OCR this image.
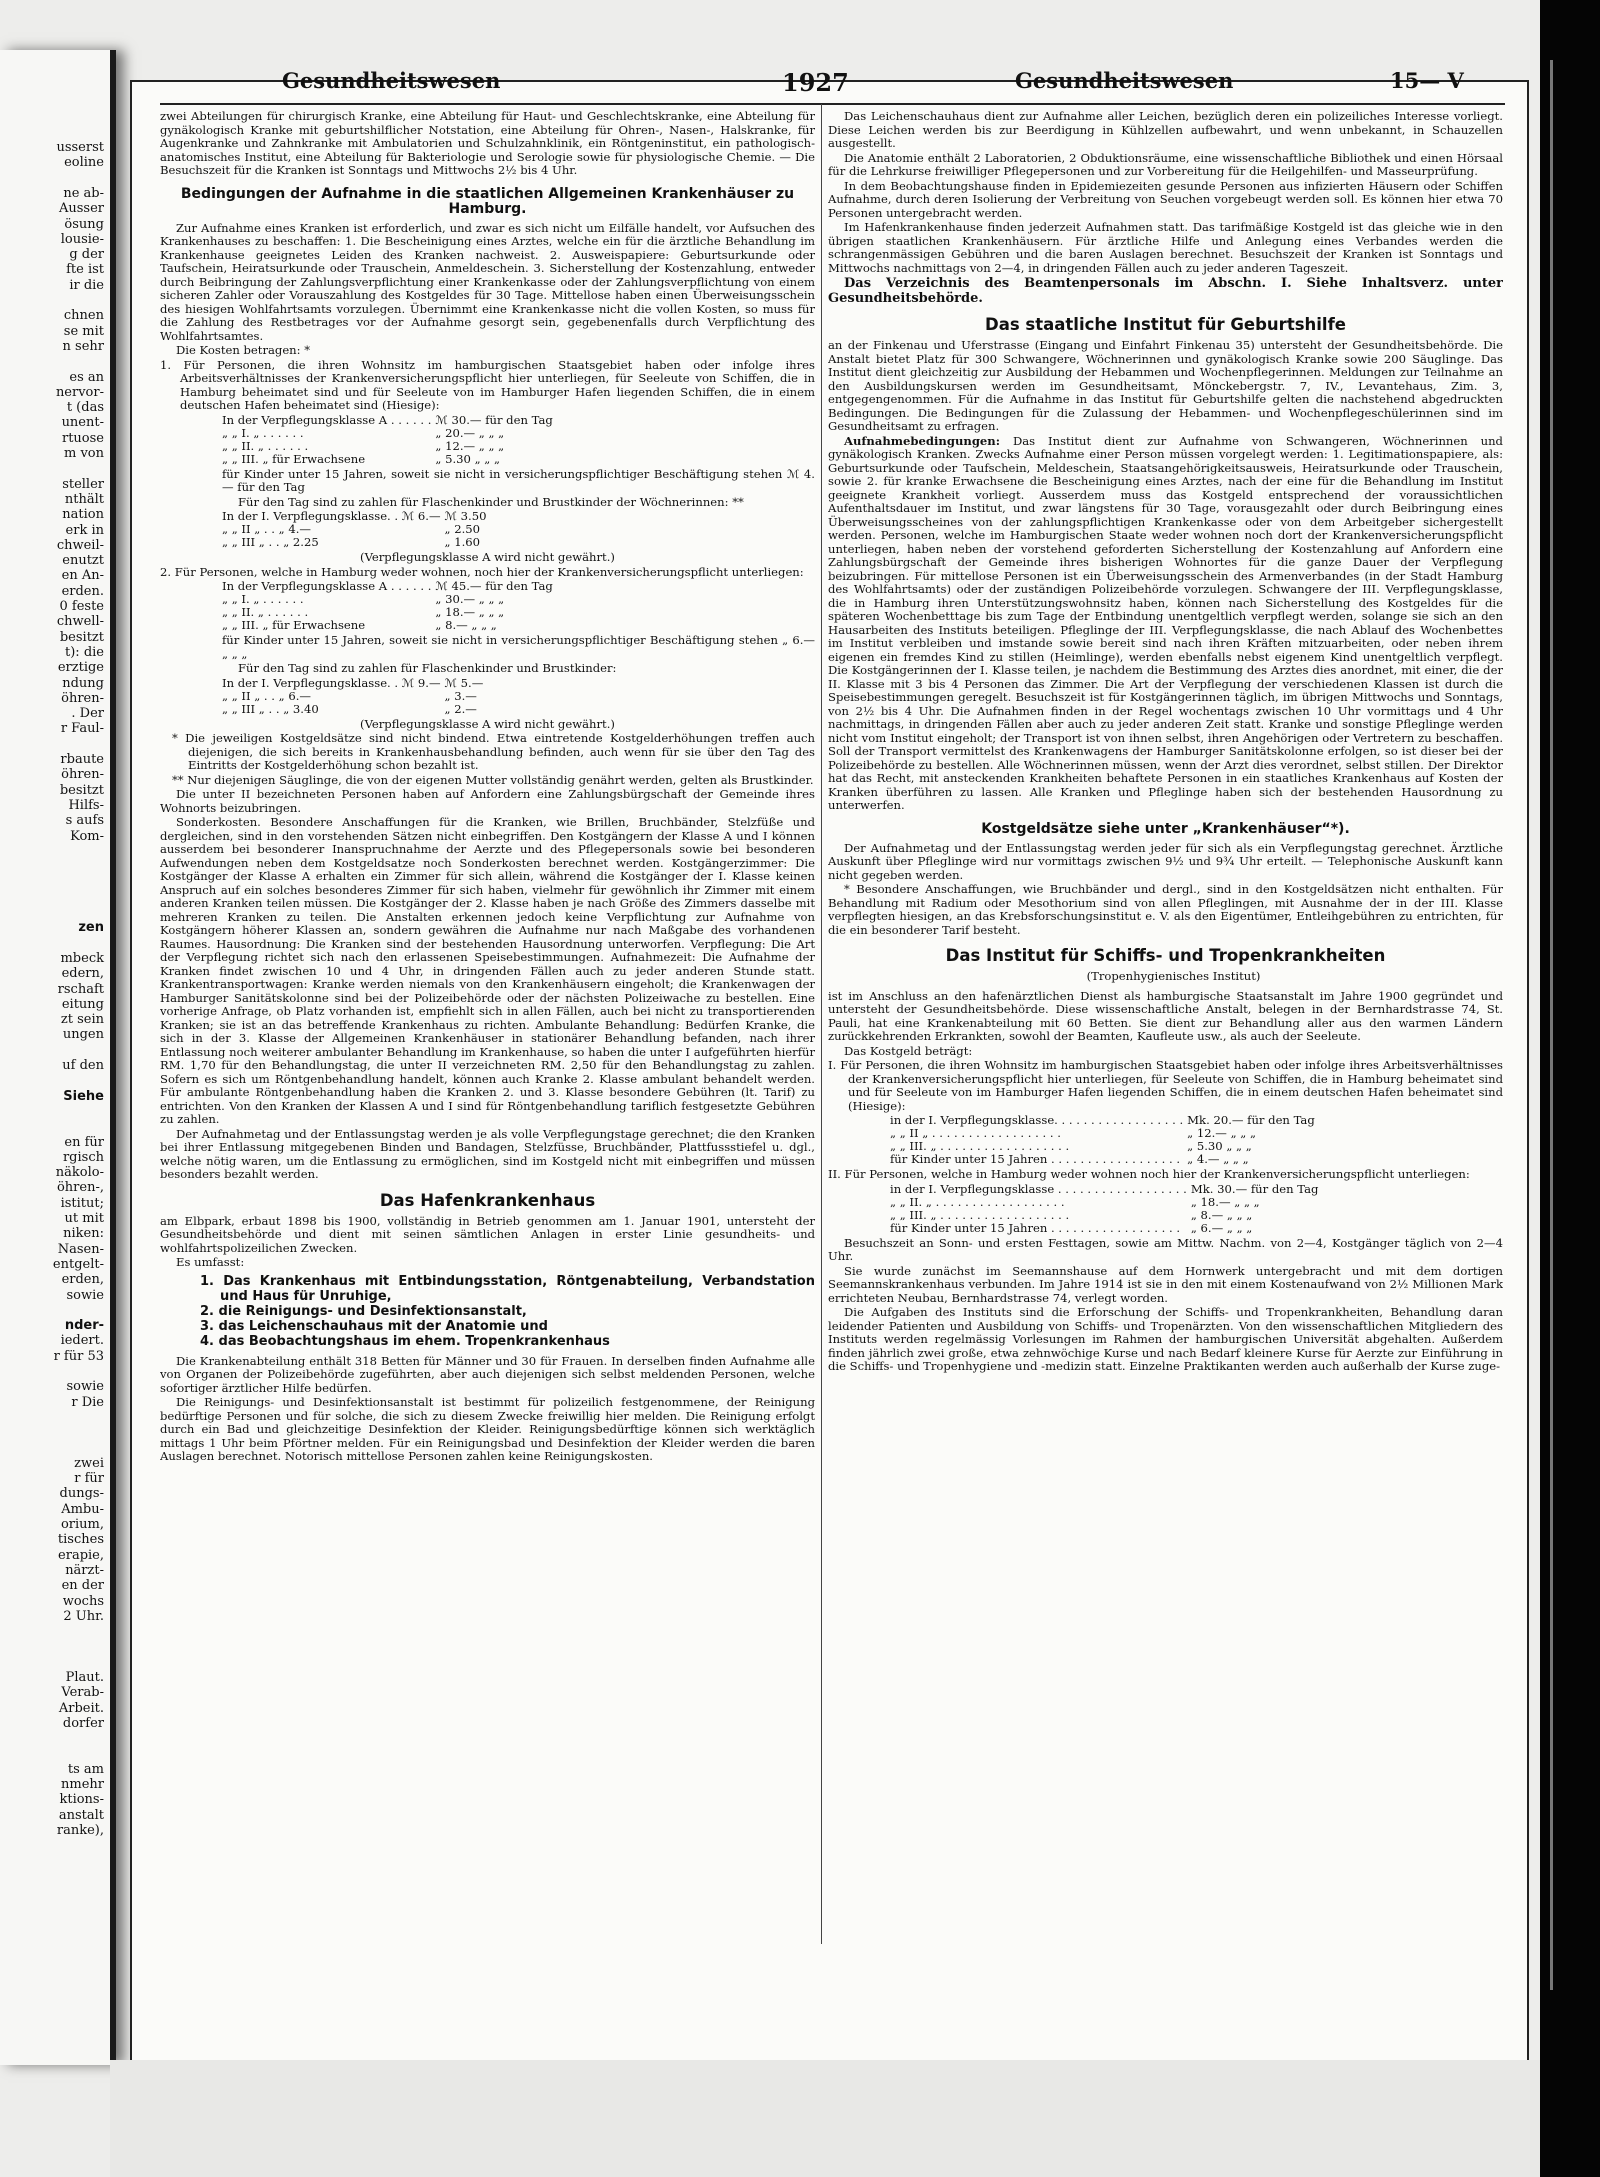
usserst
eoline
ne ab-
Ausser
ösung
lousie-
g der
fte ist
ir die
chnen
se mit
n sehr
es an
nervor-
t (das
unent-
rtuose
m von
steller
nthält
nation
erk in
chweil-
enutzt
en An-
erden.
0 feste
chwell-
besitzt
t): die
erztige
ndung
öhren-
. Der
r Faul-
rbaute
öhren-
besitzt
Hilfs-
s aufs
Kom-
zen
mbeck
edern,
rschaft
eitung
zt sein
ungen
uf den
Siehe
en für
rgisch
näkolo-
öhren-,
istitut;
ut mit
niken:
Nasen-
entgelt-
erden,
sowie
nder-
iedert.
r für 53
sowie
r Die
zwei
r für
dungs-
Ambu-
orium,
tisches
erapie,
närzt-
en der
wochs
2 Uhr.
Plaut.
Verab-
Arbeit.
dorfer
ts am
nmehr
ktions-
anstalt
ranke),
Gesundheitswesen	1927	Gesundheitswesen	15— V

zwei Abteilungen für chirurgisch Kranke, eine Abteilung für Haut- und Geschlechtskranke, eine Abteilung für gynäkologisch Kranke mit geburtshilflicher Notstation, eine Abteilung für Ohren-, Nasen-, Halskranke, für Augenkranke und Zahnkranke mit Ambulatorien und Schulzahnklinik, ein Röntgeninstitut, ein pathologisch-anatomisches Institut, eine Abteilung für Bakteriologie und Serologie sowie für physiologische Chemie. — Die Besuchszeit für die Kranken ist Sonntags und Mittwochs 2½ bis 4 Uhr.

Bedingungen der Aufnahme in die staatlichen Allgemeinen Krankenhäuser zu Hamburg.

Zur Aufnahme eines Kranken ist erforderlich, und zwar es sich nicht um Eilfälle handelt, vor Aufsuchen des Krankenhauses zu beschaffen: 1. Die Bescheinigung eines Arztes, welche ein für die ärztliche Behandlung im Krankenhause geeignetes Leiden des Kranken nachweist. 2. Ausweispapiere: Geburtsurkunde oder Taufschein, Heiratsurkunde oder Trauschein, Anmeldeschein. 3. Sicherstellung der Kostenzahlung, entweder durch Beibringung der Zahlungsverpflichtung einer Krankenkasse oder der Zahlungsverpflichtung von einem sicheren Zahler oder Vorauszahlung des Kostgeldes für 30 Tage. Mittellose haben einen Überweisungsschein des hiesigen Wohlfahrtsamts vorzulegen. Übernimmt eine Krankenkasse nicht die vollen Kosten, so muss für die Zahlung des Restbetrages vor der Aufnahme gesorgt sein, gegebenenfalls durch Verpflichtung des Wohlfahrtsamtes.

Die Kosten betragen: *

1. Für Personen, die ihren Wohnsitz im hamburgischen Staatsgebiet haben oder infolge ihres Arbeitsverhältnisses der Krankenversicherungspflicht hier unterliegen, für Seeleute von Schiffen, die in Hamburg beheimatet sind und für Seeleute von im Hamburger Hafen liegenden Schiffen, die in einem deutschen Hafen beheimatet sind (Hiesige):

In der Verpflegungsklasse A . . . . . .	ℳ 30.— für den Tag
„ „ I. „ . . . . . .	„ 20.— „ „ „
„ „ II. „ . . . . . .	„ 12.— „ „ „
„ „ III. „ für Erwachsene	„ 5.30 „ „ „

für Kinder unter 15 Jahren, soweit sie nicht in versicherungspflichtiger Beschäftigung stehen ℳ 4.— für den Tag

Für den Tag sind zu zahlen für Flaschenkinder und Brustkinder der Wöchnerinnen: **

In der I. Verpflegungsklasse. . ℳ 6.—	ℳ 3.50
„ „ II „ . . „ 4.—	„ 2.50
„ „ III „ . . „ 2.25	„ 1.60

(Verpflegungsklasse A wird nicht gewährt.)

2. Für Personen, welche in Hamburg weder wohnen, noch hier der Krankenversicherungspflicht unterliegen:

In der Verpflegungsklasse A . . . . . .	ℳ 45.— für den Tag
„ „ I. „ . . . . . .	„ 30.— „ „ „
„ „ II. „ . . . . . .	„ 18.— „ „ „
„ „ III. „ für Erwachsene	„ 8.— „ „ „

für Kinder unter 15 Jahren, soweit sie nicht in versicherungspflichtiger Beschäftigung stehen „ 6.— „ „ „

Für den Tag sind zu zahlen für Flaschenkinder und Brustkinder:

In der I. Verpflegungsklasse. . ℳ 9.—	ℳ 5.—
„ „ II „ . . „ 6.—	„ 3.—
„ „ III „ . . „ 3.40	„ 2.—

(Verpflegungsklasse A wird nicht gewährt.)

* Die jeweiligen Kostgeldsätze sind nicht bindend. Etwa eintretende Kostgelderhöhungen treffen auch diejenigen, die sich bereits in Krankenhausbehandlung befinden, auch wenn für sie über den Tag des Eintritts der Kostgelderhöhung schon bezahlt ist.

** Nur diejenigen Säuglinge, die von der eigenen Mutter vollständig genährt werden, gelten als Brustkinder.

Die unter II bezeichneten Personen haben auf Anfordern eine Zahlungsbürgschaft der Gemeinde ihres Wohnorts beizubringen.

Sonderkosten. Besondere Anschaffungen für die Kranken, wie Brillen, Bruchbänder, Stelzfüße und dergleichen, sind in den vorstehenden Sätzen nicht einbegriffen. Den Kostgängern der Klasse A und I können ausserdem bei besonderer Inanspruchnahme der Aerzte und des Pflegepersonals sowie bei besonderen Aufwendungen neben dem Kostgeldsatze noch Sonderkosten berechnet werden. Kostgängerzimmer: Die Kostgänger der Klasse A erhalten ein Zimmer für sich allein, während die Kostgänger der I. Klasse keinen Anspruch auf ein solches besonderes Zimmer für sich haben, vielmehr für gewöhnlich ihr Zimmer mit einem anderen Kranken teilen müssen. Die Kostgänger der 2. Klasse haben je nach Größe des Zimmers dasselbe mit mehreren Kranken zu teilen. Die Anstalten erkennen jedoch keine Verpflichtung zur Aufnahme von Kostgängern höherer Klassen an, sondern gewähren die Aufnahme nur nach Maßgabe des vorhandenen Raumes. Hausordnung: Die Kranken sind der bestehenden Hausordnung unterworfen. Verpflegung: Die Art der Verpflegung richtet sich nach den erlassenen Speisebestimmungen. Aufnahmezeit: Die Aufnahme der Kranken findet zwischen 10 und 4 Uhr, in dringenden Fällen auch zu jeder anderen Stunde statt. Krankentransportwagen: Kranke werden niemals von den Krankenhäusern eingeholt; die Krankenwagen der Hamburger Sanitätskolonne sind bei der Polizeibehörde oder der nächsten Polizeiwache zu bestellen. Eine vorherige Anfrage, ob Platz vorhanden ist, empfiehlt sich in allen Fällen, auch bei nicht zu transportierenden Kranken; sie ist an das betreffende Krankenhaus zu richten. Ambulante Behandlung: Bedürfen Kranke, die sich in der 3. Klasse der Allgemeinen Krankenhäuser in stationärer Behandlung befanden, nach ihrer Entlassung noch weiterer ambulanter Behandlung im Krankenhause, so haben die unter I aufgeführten hierfür RM. 1,70 für den Behandlungstag, die unter II verzeichneten RM. 2,50 für den Behandlungstag zu zahlen. Sofern es sich um Röntgenbehandlung handelt, können auch Kranke 2. Klasse ambulant behandelt werden. Für ambulante Röntgenbehandlung haben die Kranken 2. und 3. Klasse besondere Gebühren (lt. Tarif) zu entrichten. Von den Kranken der Klassen A und I sind für Röntgenbehandlung tariflich festgesetzte Gebühren zu zahlen.

Der Aufnahmetag und der Entlassungstag werden je als volle Verpflegungstage gerechnet; die den Kranken bei ihrer Entlassung mitgegebenen Binden und Bandagen, Stelzfüsse, Bruchbänder, Plattfussstiefel u. dgl., welche nötig waren, um die Entlassung zu ermöglichen, sind im Kostgeld nicht mit einbegriffen und müssen besonders bezahlt werden.

Das Hafenkrankenhaus

am Elbpark, erbaut 1898 bis 1900, vollständig in Betrieb genommen am 1. Januar 1901, untersteht der Gesundheitsbehörde und dient mit seinen sämtlichen Anlagen in erster Linie gesundheits- und wohlfahrtspolizeilichen Zwecken.

Es umfasst:

1. Das Krankenhaus mit Entbindungsstation, Röntgenabteilung, Verbandstation und Haus für Unruhige,
2. die Reinigungs- und Desinfektionsanstalt,
3. das Leichenschauhaus mit der Anatomie und
4. das Beobachtungshaus im ehem. Tropenkrankenhaus

Die Krankenabteilung enthält 318 Betten für Männer und 30 für Frauen. In derselben finden Aufnahme alle von Organen der Polizeibehörde zugeführten, aber auch diejenigen sich selbst meldenden Personen, welche sofortiger ärztlicher Hilfe bedürfen.

Die Reinigungs- und Desinfektionsanstalt ist bestimmt für polizeilich festgenommene, der Reinigung bedürftige Personen und für solche, die sich zu diesem Zwecke freiwillig hier melden. Die Reinigung erfolgt durch ein Bad und gleichzeitige Desinfektion der Kleider. Reinigungsbedürftige können sich werktäglich mittags 1 Uhr beim Pförtner melden. Für ein Reinigungsbad und Desinfektion der Kleider werden die baren Auslagen berechnet. Notorisch mittellose Personen zahlen keine Reinigungskosten.

Das Leichenschauhaus dient zur Aufnahme aller Leichen, bezüglich deren ein polizeiliches Interesse vorliegt. Diese Leichen werden bis zur Beerdigung in Kühlzellen aufbewahrt, und wenn unbekannt, in Schauzellen ausgestellt.

Die Anatomie enthält 2 Laboratorien, 2 Obduktionsräume, eine wissenschaftliche Bibliothek und einen Hörsaal für die Lehrkurse freiwilliger Pflegepersonen und zur Vorbereitung für die Heilgehilfen- und Masseurprüfung.

In dem Beobachtungshause finden in Epidemiezeiten gesunde Personen aus infizierten Häusern oder Schiffen Aufnahme, durch deren Isolierung der Verbreitung von Seuchen vorgebeugt werden soll. Es können hier etwa 70 Personen untergebracht werden.

Im Hafenkrankenhause finden jederzeit Aufnahmen statt. Das tarifmäßige Kostgeld ist das gleiche wie in den übrigen staatlichen Krankenhäusern. Für ärztliche Hilfe und Anlegung eines Verbandes werden die schrangenmässigen Gebühren und die baren Auslagen berechnet. Besuchszeit der Kranken ist Sonntags und Mittwochs nachmittags von 2—4, in dringenden Fällen auch zu jeder anderen Tageszeit.

Das Verzeichnis des Beamtenpersonals im Abschn. I. Siehe Inhaltsverz. unter Gesundheitsbehörde.

Das staatliche Institut für Geburtshilfe

an der Finkenau und Uferstrasse (Eingang und Einfahrt Finkenau 35) untersteht der Gesundheitsbehörde. Die Anstalt bietet Platz für 300 Schwangere, Wöchnerinnen und gynäkologisch Kranke sowie 200 Säuglinge. Das Institut dient gleichzeitig zur Ausbildung der Hebammen und Wochenpflegerinnen. Meldungen zur Teilnahme an den Ausbildungskursen werden im Gesundheitsamt, Mönckebergstr. 7, IV., Levantehaus, Zim. 3, entgegengenommen. Für die Aufnahme in das Institut für Geburtshilfe gelten die nachstehend abgedruckten Bedingungen. Die Bedingungen für die Zulassung der Hebammen- und Wochenpflegeschülerinnen sind im Gesundheitsamt zu erfragen.

Aufnahmebedingungen: Das Institut dient zur Aufnahme von Schwangeren, Wöchnerinnen und gynäkologisch Kranken. Zwecks Aufnahme einer Person müssen vorgelegt werden: 1. Legitimationspapiere, als: Geburtsurkunde oder Taufschein, Meldeschein, Staatsangehörigkeitsausweis, Heiratsurkunde oder Trauschein, sowie 2. für kranke Erwachsene die Bescheinigung eines Arztes, nach der eine für die Behandlung im Institut geeignete Krankheit vorliegt. Ausserdem muss das Kostgeld entsprechend der voraussichtlichen Aufenthaltsdauer im Institut, und zwar längstens für 30 Tage, vorausgezahlt oder durch Beibringung eines Überweisungsscheines von der zahlungspflichtigen Krankenkasse oder von dem Arbeitgeber sichergestellt werden. Personen, welche im Hamburgischen Staate weder wohnen noch dort der Krankenversicherungspflicht unterliegen, haben neben der vorstehend geforderten Sicherstellung der Kostenzahlung auf Anfordern eine Zahlungsbürgschaft der Gemeinde ihres bisherigen Wohnortes für die ganze Dauer der Verpflegung beizubringen. Für mittellose Personen ist ein Überweisungsschein des Armenverbandes (in der Stadt Hamburg des Wohlfahrtsamts) oder der zuständigen Polizeibehörde vorzulegen. Schwangere der III. Verpflegungsklasse, die in Hamburg ihren Unterstützungswohnsitz haben, können nach Sicherstellung des Kostgeldes für die späteren Wochenbetttage bis zum Tage der Entbindung unentgeltlich verpflegt werden, solange sie sich an den Hausarbeiten des Instituts beteiligen. Pfleglinge der III. Verpflegungsklasse, die nach Ablauf des Wochenbettes im Institut verbleiben und imstande sowie bereit sind nach ihren Kräften mitzuarbeiten, oder neben ihrem eigenen ein fremdes Kind zu stillen (Heimlinge), werden ebenfalls nebst eigenem Kind unentgeltlich verpflegt. Die Kostgängerinnen der I. Klasse teilen, je nachdem die Bestimmung des Arztes dies anordnet, mit einer, die der II. Klasse mit 3 bis 4 Personen das Zimmer. Die Art der Verpflegung der verschiedenen Klassen ist durch die Speisebestimmungen geregelt. Besuchszeit ist für Kostgängerinnen täglich, im übrigen Mittwochs und Sonntags, von 2½ bis 4 Uhr. Die Aufnahmen finden in der Regel wochentags zwischen 10 Uhr vormittags und 4 Uhr nachmittags, in dringenden Fällen aber auch zu jeder anderen Zeit statt. Kranke und sonstige Pfleglinge werden nicht vom Institut eingeholt; der Transport ist von ihnen selbst, ihren Angehörigen oder Vertretern zu beschaffen. Soll der Transport vermittelst des Krankenwagens der Hamburger Sanitätskolonne erfolgen, so ist dieser bei der Polizeibehörde zu bestellen. Alle Wöchnerinnen müssen, wenn der Arzt dies verordnet, selbst stillen. Der Direktor hat das Recht, mit ansteckenden Krankheiten behaftete Personen in ein staatliches Krankenhaus auf Kosten der Kranken überführen zu lassen. Alle Kranken und Pfleglinge haben sich der bestehenden Hausordnung zu unterwerfen.

Kostgeldsätze siehe unter „Krankenhäuser“*).

Der Aufnahmetag und der Entlassungstag werden jeder für sich als ein Verpflegungstag gerechnet. Ärztliche Auskunft über Pfleglinge wird nur vormittags zwischen 9½ und 9¾ Uhr erteilt. — Telephonische Auskunft kann nicht gegeben werden.

* Besondere Anschaffungen, wie Bruchbänder und dergl., sind in den Kostgeldsätzen nicht enthalten. Für Behandlung mit Radium oder Mesothorium sind von allen Pfleglingen, mit Ausnahme der in der III. Klasse verpflegten hiesigen, an das Krebsforschungsinstitut e. V. als den Eigentümer, Entleihgebühren zu entrichten, für die ein besonderer Tarif besteht.

Das Institut für Schiffs- und Tropenkrankheiten

(Tropenhygienisches Institut)

ist im Anschluss an den hafenärztlichen Dienst als hamburgische Staatsanstalt im Jahre 1900 gegründet und untersteht der Gesundheitsbehörde. Diese wissenschaftliche Anstalt, belegen in der Bernhardstrasse 74, St. Pauli, hat eine Krankenabteilung mit 60 Betten. Sie dient zur Behandlung aller aus den warmen Ländern zurückkehrenden Erkrankten, sowohl der Beamten, Kaufleute usw., als auch der Seeleute.

Das Kostgeld beträgt:

I. Für Personen, die ihren Wohnsitz im hamburgischen Staatsgebiet haben oder infolge ihres Arbeitsverhältnisses der Krankenversicherungspflicht hier unterliegen, für Seeleute von Schiffen, die in Hamburg beheimatet sind und für Seeleute von im Hamburger Hafen liegenden Schiffen, die in einem deutschen Hafen beheimatet sind (Hiesige):

in der I. Verpflegungsklasse. . . . . . . . . . . . . . . . . .	Mk. 20.— für den Tag
„ „ II „ . . . . . . . . . . . . . . . . . .	„ 12.— „ „ „
„ „ III. „ . . . . . . . . . . . . . . . . . .	„ 5.30 „ „ „
für Kinder unter 15 Jahren . . . . . . . . . . . . . . . . . .	„ 4.— „ „ „

II. Für Personen, welche in Hamburg weder wohnen noch hier der Krankenversicherungspflicht unterliegen:

in der I. Verpflegungsklasse . . . . . . . . . . . . . . . . . .	Mk. 30.— für den Tag
„ „ II. „ . . . . . . . . . . . . . . . . . .	„ 18.— „ „ „
„ „ III. „ . . . . . . . . . . . . . . . . . .	„ 8.— „ „ „
für Kinder unter 15 Jahren . . . . . . . . . . . . . . . . . .	„ 6.— „ „ „

Besuchszeit an Sonn- und ersten Festtagen, sowie am Mittw. Nachm. von 2—4, Kostgänger täglich von 2—4 Uhr.

Sie wurde zunächst im Seemannshause auf dem Hornwerk untergebracht und mit dem dortigen Seemannskrankenhaus verbunden. Im Jahre 1914 ist sie in den mit einem Kostenaufwand von 2½ Millionen Mark errichteten Neubau, Bernhardstrasse 74, verlegt worden.

Die Aufgaben des Instituts sind die Erforschung der Schiffs- und Tropenkrankheiten, Behandlung daran leidender Patienten und Ausbildung von Schiffs- und Tropenärzten. Von den wissenschaftlichen Mitgliedern des Instituts werden regelmässig Vorlesungen im Rahmen der hamburgischen Universität abgehalten. Außerdem finden jährlich zwei große, etwa zehnwöchige Kurse und nach Bedarf kleinere Kurse für Aerzte zur Einführung in die Schiffs- und Tropenhygiene und -medizin statt. Einzelne Praktikanten werden auch außerhalb der Kurse zuge-
